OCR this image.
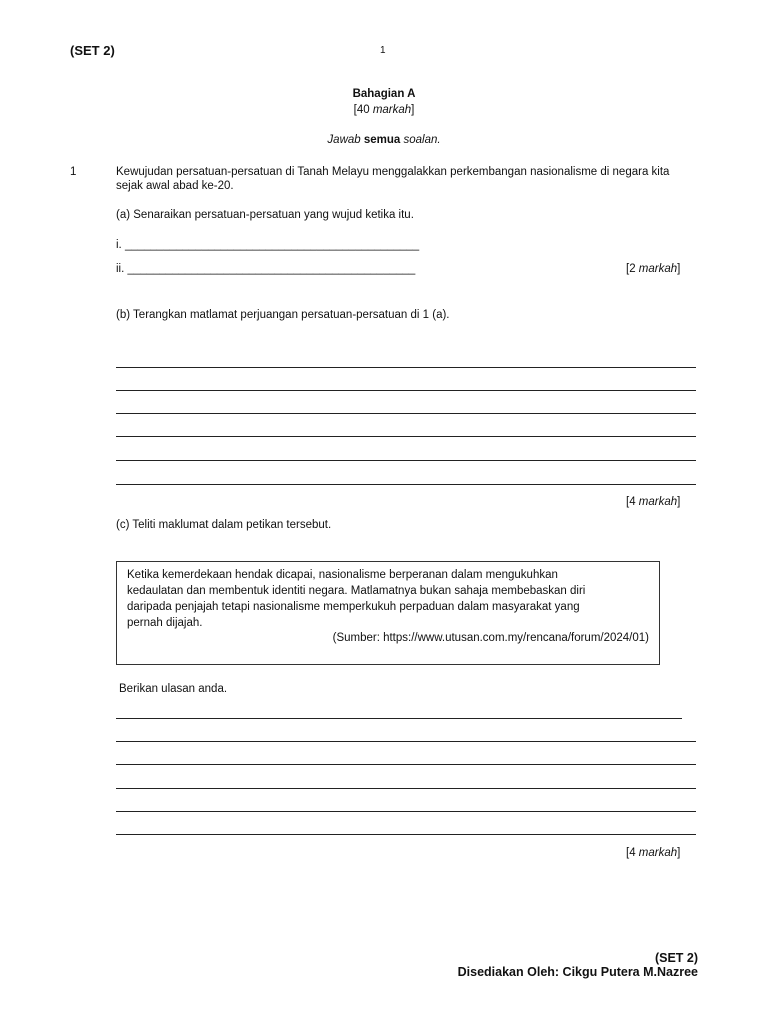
(SET 2)	1
Bahagian A
[40 markah]
Jawab semua soalan.
1	Kewujudan persatuan-persatuan di Tanah Melayu menggalakkan perkembangan nasionalisme di negara kita
sejak awal abad ke-20.
(a) Senaraikan persatuan-persatuan yang wujud ketika itu.
i. ______________________________________________
ii. _____________________________________________	[2 markah]
(b) Terangkan matlamat perjuangan persatuan-persatuan di 1 (a).
[4 markah]
(c) Teliti maklumat dalam petikan tersebut.
Ketika kemerdekaan hendak dicapai, nasionalisme berperanan dalam mengukuhkan
kedaulatan dan membentuk identiti negara. Matlamatnya bukan sahaja membebaskan diri
daripada penjajah tetapi nasionalisme memperkukuh perpaduan dalam masyarakat yang
pernah dijajah.
(Sumber: https://www.utusan.com.my/rencana/forum/2024/01)
Berikan ulasan anda.
[4 markah]
(SET 2)
Disediakan Oleh: Cikgu Putera M.Nazree
